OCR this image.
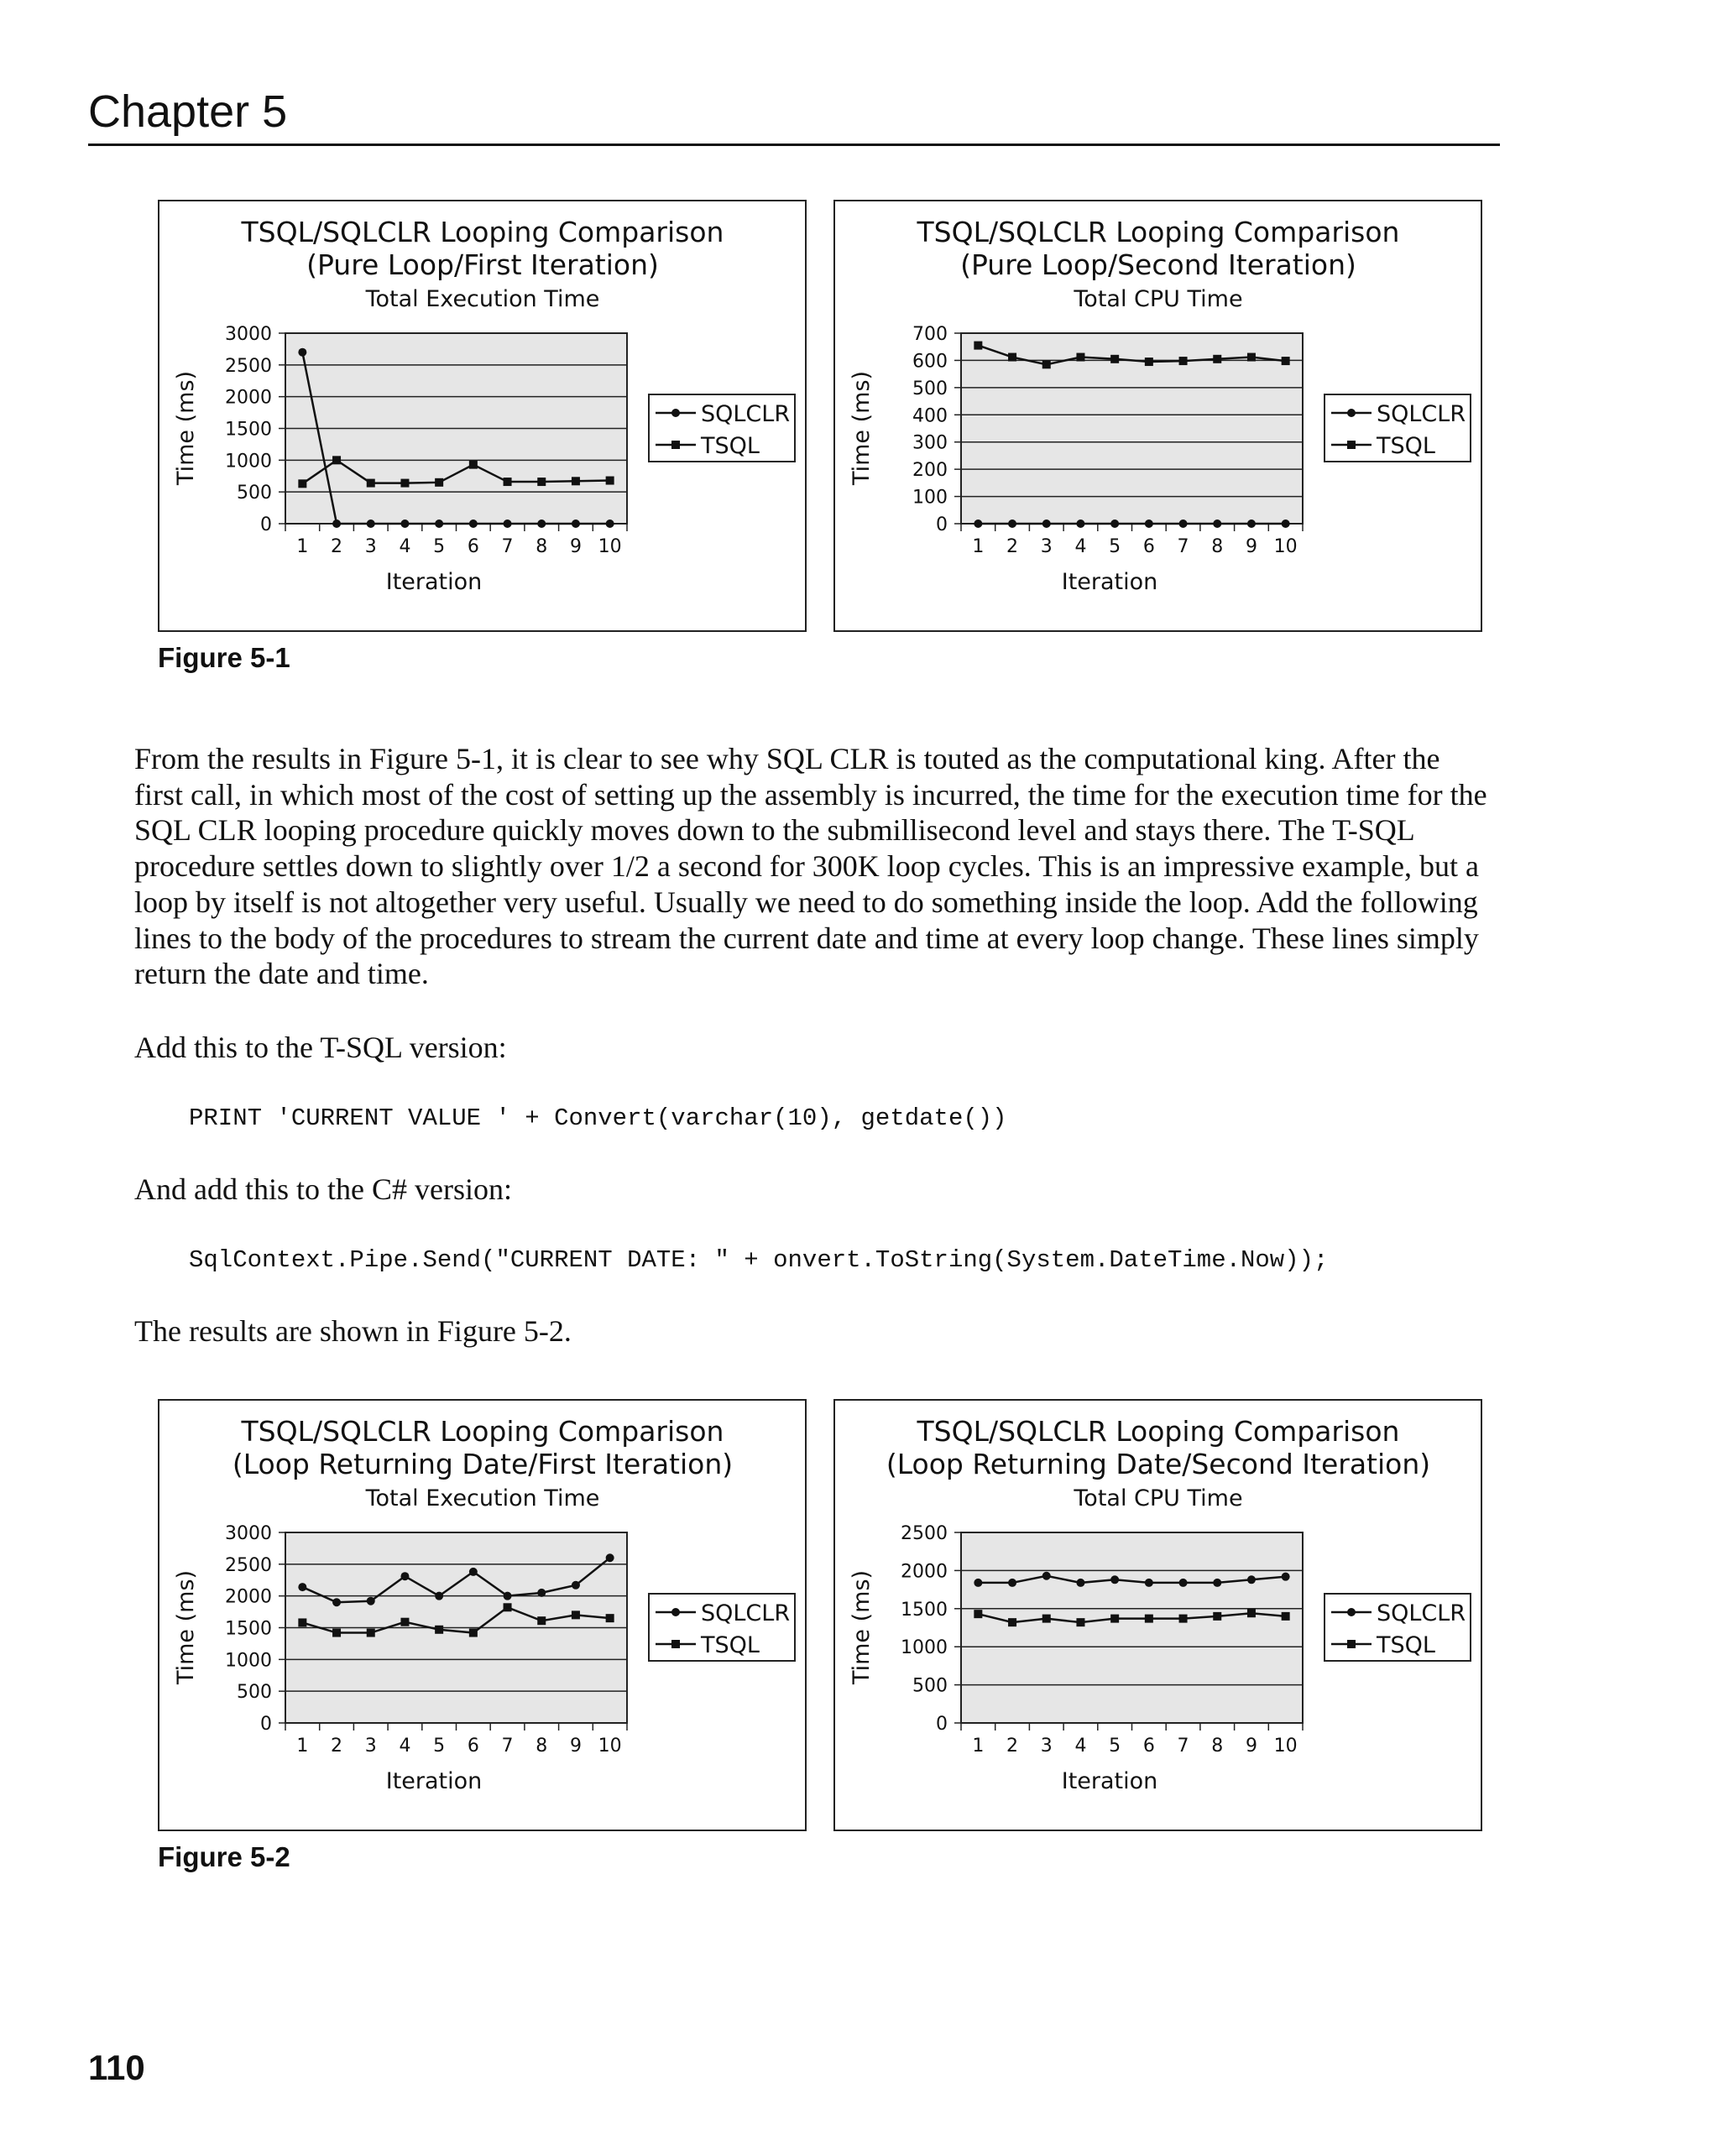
Chapter 5
TSQL/SQLCLR Looping Comparison
(Pure Loop/First Iteration)
Total Execution Time
0
500
1000
1500
2000
2500
3000
1 2 3 4 5 6 7 8 9 10
Iteration
Time (ms)	SQLCLR
TSQL
TSQL/SQLCLR Looping Comparison
(Pure Loop/Second Iteration)
Total CPU Time
0
100
200
300
400
500
600
700
1 2 3 4 5 6 7 8 9 10
Iteration
Time (ms)	SQLCLR
TSQL
Figure 5-1

From the results in Figure 5-1, it is clear to see why SQL CLR is touted as the computational king. After the first call, in which most of the cost of setting up the assembly is incurred, the time for the execution time for the SQL CLR looping procedure quickly moves down to the submillisecond level and stays there. The T-SQL procedure settles down to slightly over 1/2 a second for 300K loop cycles. This is an impressive example, but a loop by itself is not altogether very useful. Usually we need to do something inside the loop. Add the following lines to the body of the procedures to stream the current date and time at every loop change. These lines simply return the date and time.

Add this to the T-SQL version:

PRINT 'CURRENT VALUE ' + Convert(varchar(10), getdate())

And add this to the C# version:

SqlContext.Pipe.Send("CURRENT DATE: " + onvert.ToString(System.DateTime.Now));

The results are shown in Figure 5-2.

TSQL/SQLCLR Looping Comparison
(Loop Returning Date/First Iteration)
Total Execution Time
0
500
1000
1500
2000
2500
3000
1 2 3 4 5 6 7 8 9 10
Iteration
Time (ms)	SQLCLR
TSQL
TSQL/SQLCLR Looping Comparison
(Loop Returning Date/Second Iteration)
Total CPU Time
0
500
1000
1500
2000
2500
1 2 3 4 5 6 7 8 9 10
Iteration
Time (ms)	SQLCLR
TSQL
Figure 5-2
110
